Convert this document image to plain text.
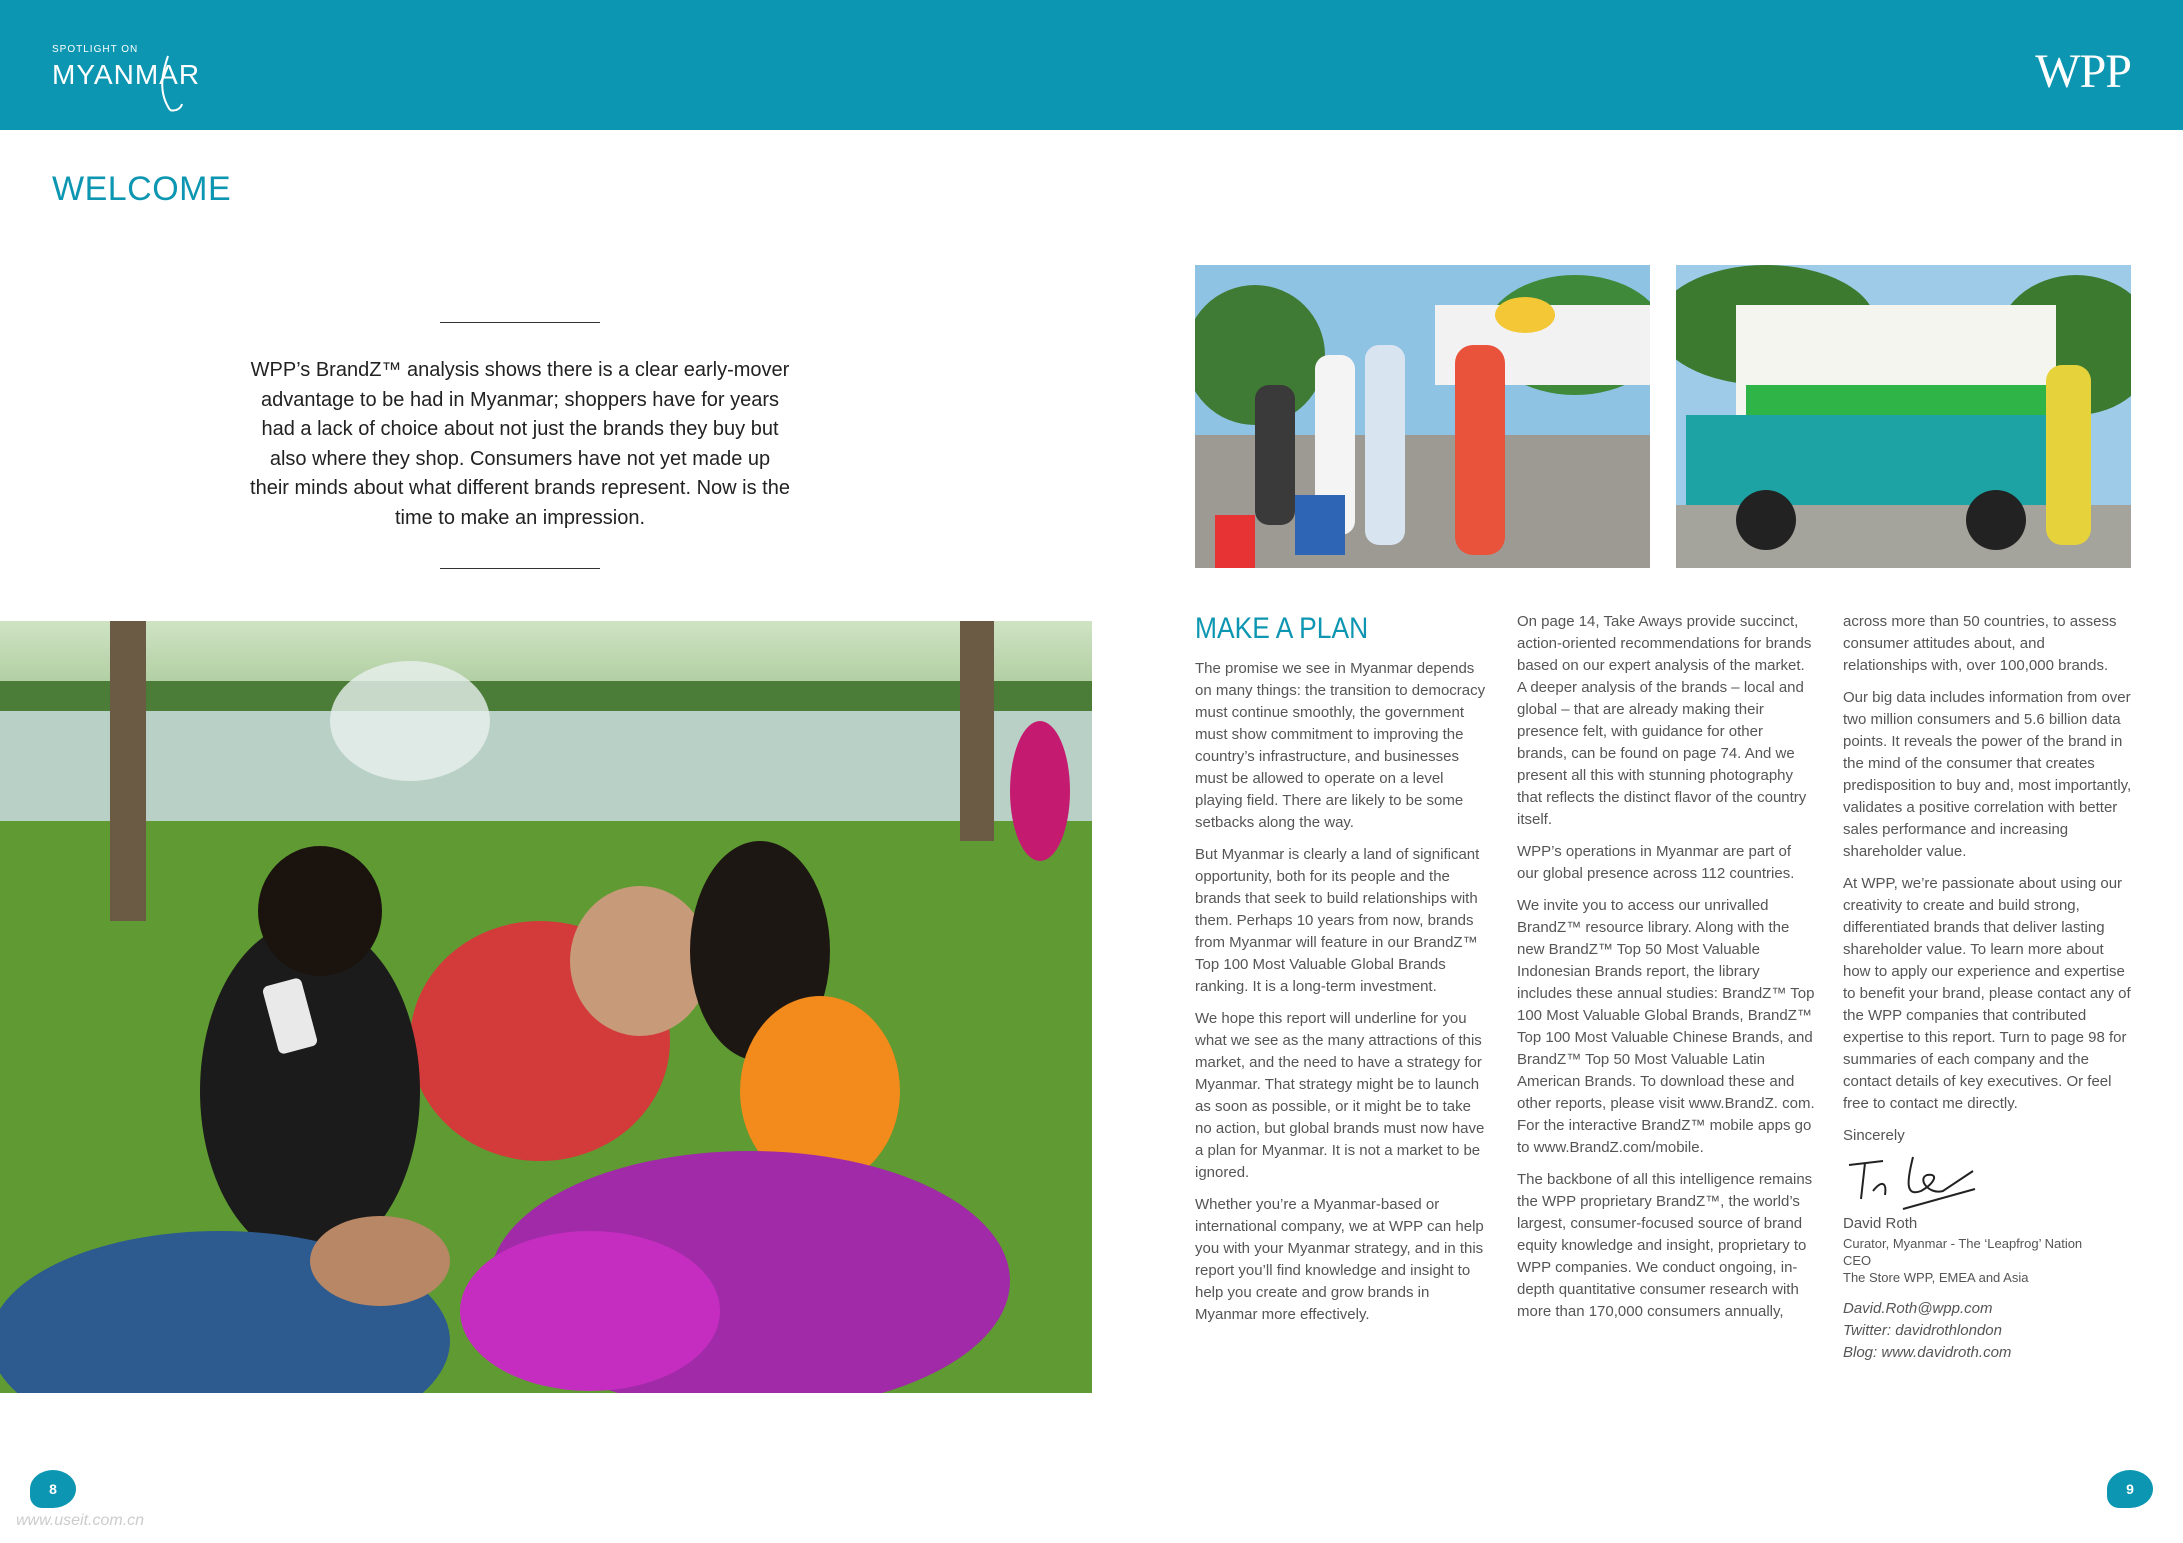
SPOTLIGHT ON
MYANMAR	WPP
WELCOME
WPP’s BrandZ™ analysis shows there is a clear early-mover advantage to be had in Myanmar; shoppers have for years had a lack of choice about not just the brands they buy but also where they shop. Consumers have not yet made up their minds about what different brands represent. Now is the time to make an impression.
MAKE A PLAN

The promise we see in Myanmar depends on many things: the transition to democracy must continue smoothly, the government must show commitment to improving the country’s infrastructure, and businesses must be allowed to operate on a level playing field. There are likely to be some setbacks along the way.

But Myanmar is clearly a land of significant opportunity, both for its people and the brands that seek to build relationships with them. Perhaps 10 years from now, brands from Myanmar will feature in our BrandZ™ Top 100 Most Valuable Global Brands ranking. It is a long-term investment.

We hope this report will underline for you what we see as the many attractions of this market, and the need to have a strategy for Myanmar. That strategy might be to launch as soon as possible, or it might be to take no action, but global brands must now have a plan for Myanmar. It is not a market to be ignored.

Whether you’re a Myanmar-based or international company, we at WPP can help you with your Myanmar strategy, and in this report you’ll find knowledge and insight to help you create and grow brands in Myanmar more effectively.

On page 14, Take Aways provide succinct, action-oriented recommendations for brands based on our expert analysis of the market. A deeper analysis of the brands – local and global – that are already making their presence felt, with guidance for other brands, can be found on page 74. And we present all this with stunning photography that reflects the distinct flavor of the country itself.

WPP’s operations in Myanmar are part of our global presence across 112 countries.

We invite you to access our unrivalled BrandZ™ resource library. Along with the new BrandZ™ Top 50 Most Valuable Indonesian Brands report, the library includes these annual studies: BrandZ™ Top 100 Most Valuable Global Brands, BrandZ™ Top 100 Most Valuable Chinese Brands, and BrandZ™ Top 50 Most Valuable Latin American Brands. To download these and other reports, please visit www.BrandZ. com. For the interactive BrandZ™ mobile apps go to www.BrandZ.com/mobile.

The backbone of all this intelligence remains the WPP proprietary BrandZ™, the world’s largest, consumer-focused source of brand equity knowledge and insight, proprietary to WPP companies. We conduct ongoing, in-depth quantitative consumer research with more than 170,000 consumers annually,

across more than 50 countries, to assess consumer attitudes about, and relationships with, over 100,000 brands.

Our big data includes information from over two million consumers and 5.6 billion data points. It reveals the power of the brand in the mind of the consumer that creates predisposition to buy and, most importantly, validates a positive correlation with better sales performance and increasing shareholder value.

At WPP, we’re passionate about using our creativity to create and build strong, differentiated brands that deliver lasting shareholder value. To learn more about how to apply our experience and expertise to benefit your brand, please contact any of the WPP companies that contributed expertise to this report. Turn to page 98 for summaries of each company and the contact details of key executives. Or feel free to contact me directly.

Sincerely

David Roth
Curator, Myanmar - The ‘Leapfrog’ Nation
CEO
The Store WPP, EMEA and Asia
David.Roth@wpp.com
Twitter: davidrothlondon
Blog: www.davidroth.com
8	9
www.useit.com.cn
